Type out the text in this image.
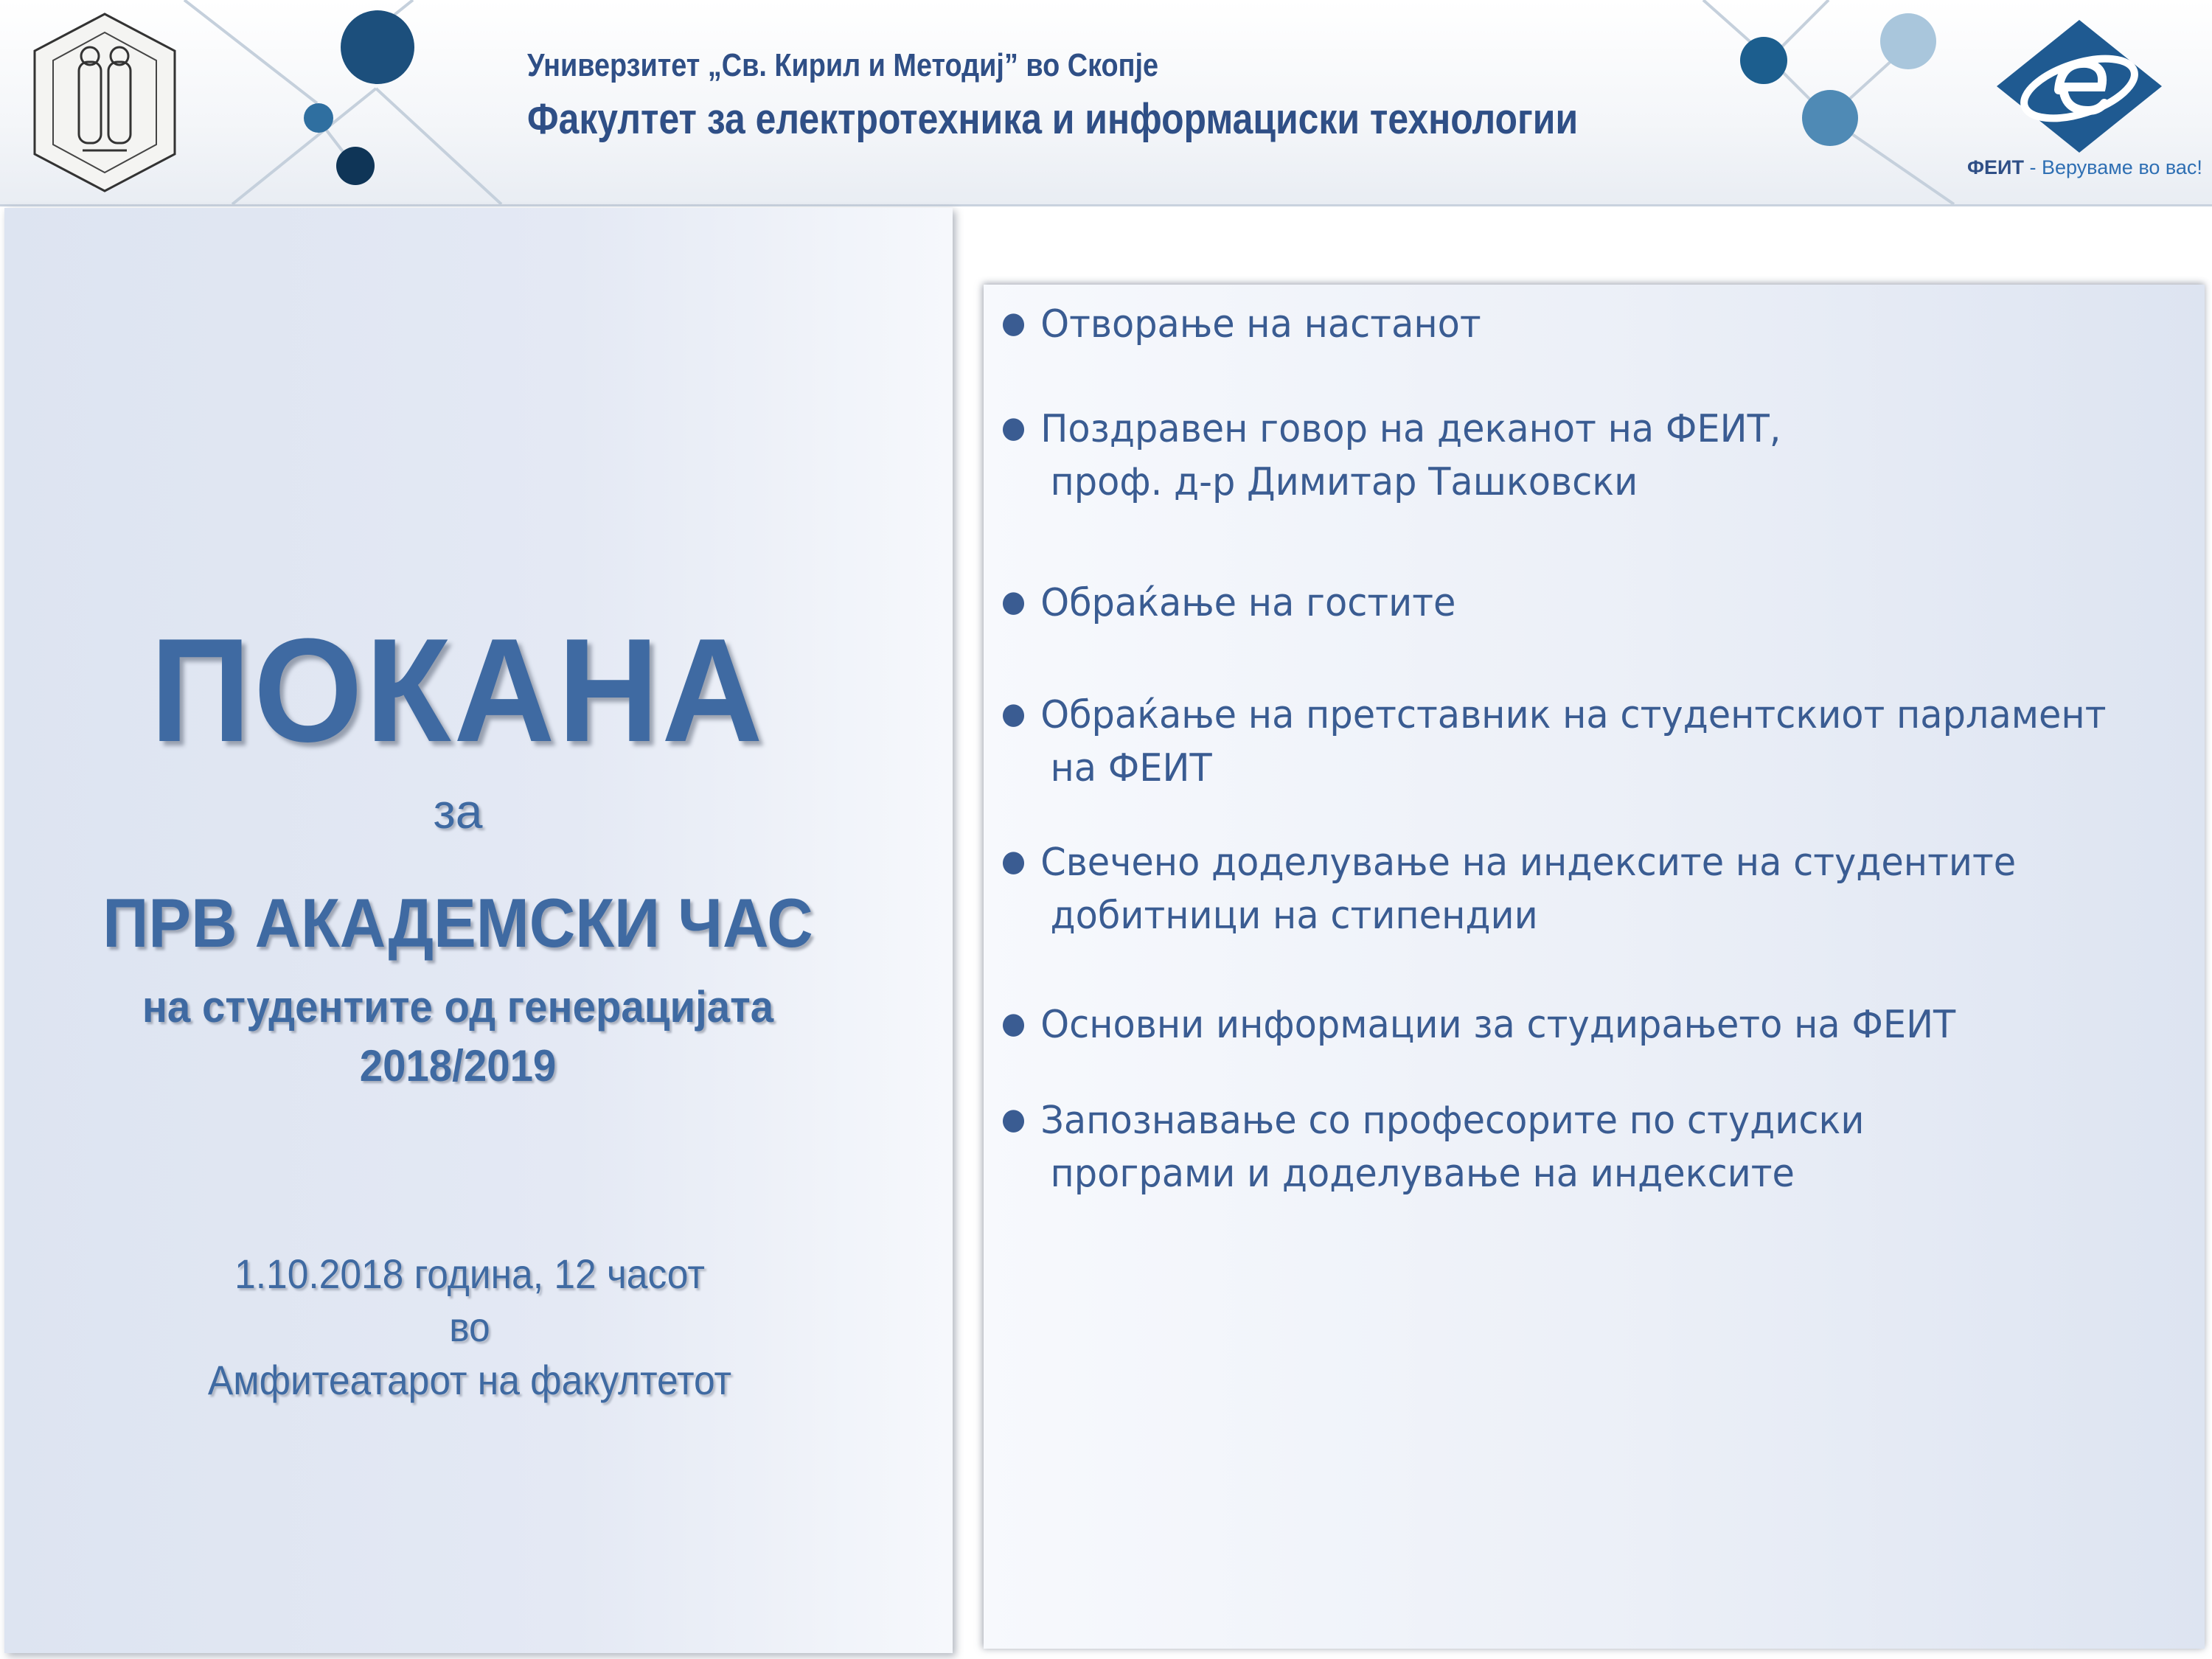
Универзитет „Св. Кирил и Методиј” во Скопје
Факултет за електротехника и информациски технологии
ФЕИТ - Веруваме во вас!
ПОКАНА
за
ПРВ АКАДЕМСКИ ЧАС
на студентите од генерацијата
2018/2019
1.10.2018 година, 12 часот
во
Амфитеатарот на факултетот
● Отворање на настанот
● Поздравен говор на деканот на ФЕИТ,
проф. д-р Димитар Ташковски
● Обраќање на гостите
● Обраќање на претставник на студентскиот парламент
на ФЕИТ
● Свечено доделување на индексите на студентите
добитници на стипендии
● Основни информации за студирањето на ФЕИТ
● Запознавање со професорите по студиски
програми и доделување на индексите
